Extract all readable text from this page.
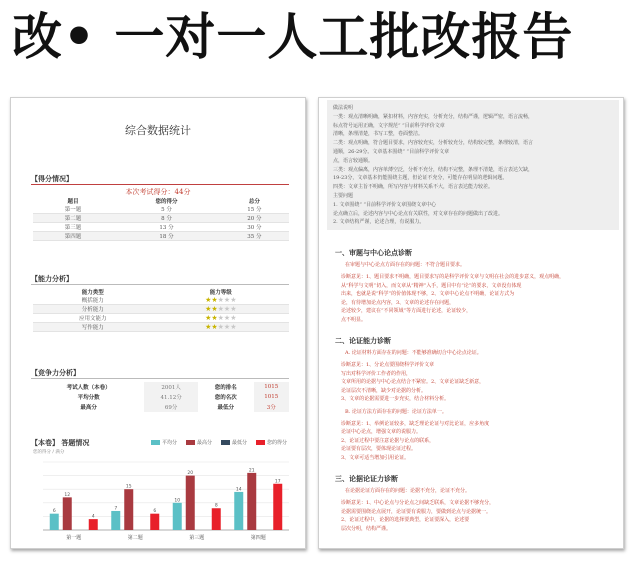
改• 一对一人工批改报告
综合数据统计
【得分情况】
本次考试得分：44分
题目	您的得分	总分
第一题	5 分	15 分
第二题	8 分	20 分
第三题	13 分	30 分
第四题	18 分	35 分
【能力分析】
能力类型	能力等级
概括能力	★★★★★
分析能力	★★★★★
应用文能力	★★★★★
写作能力	★★★★★
【竞争力分析】
考试人数（本卷）	2001人	您的排名	1015
平均分数	41.12分	您的名次	1015
最高分	69分	最低分	3分
【本卷】 答题情况
您的得分 / 满分
平均分	最高分	最低分	您的得分
6
12
4
第一题
7
15
6
第二题
10
20
8
第三题
14
21
17
第四题
做法说明
一类：观点清晰明确，紧扣材料，内容充实，分析充分，结构严谨，逻辑严密，语言流畅，
标点符号运用正确，文字规范“ ”目前科学评价文章
清晰，条理清楚，书写工整，卷面整洁。
二类：观点明确，符合题目要求，内容较充实，分析较充分，结构较完整，条理较清，语言
通顺，26-29分。文章基本围绕“ ”目前科学评价文章
点，语言较通顺。
三类：观点偏离，内容单薄空泛，分析不充分，结构不完整，条理不清楚，语言表达欠缺，
19-23分，文章基本仍能围绕主题，但论证不充分，可能存在明显的逻辑问题。
四类：文章主旨不明确，所写内容与材料关系不大，语言表达能力较差。
主要问题
1. 文章围绕“ ”目前科学评价文章围绕文章中心
论点确立后，论述内容与中心论点有关联性，对文章存在的问题做出了改进。
2. 文章结构严谨，论述合理，有说服力。
一、审题与中心论点诊断
在审题与中心论点方面存在的问题：不符合题目要求。
诊断意见：1、题目要求不明确，题目要求写的是科学评价文章与文明在社会的进步意义，观点明确，
从“科学与文明”切入，而文章从“精神”入手，题目中有“论”的要求，文章没有体现
出来，也就是说“科学”的价值体现不够，2、文章中心论点不明确，论证方式为
论，有待增加论点内容，3、文章的论述存在问题，
论述较少，建议在“不同领域”等方面进行论述，论证较少，
点不明显。
二、论证能力诊断
A. 论证材料方面存在的问题：不能够准确切合中心论点论证。
诊断意见：1、分论点要围绕科学评价文章
写出对科学评价工作者的作用，
文章所用的论据与中心论点结合不紧密。2、文章论证缺乏新意，
论证层次不清晰，缺少对论据的分析。
3、文章的论据需要进一步充实，结合材料分析。
B. 论证方法方面存在的问题：论证方法单一。
诊断意见：1、举例论证较多，缺乏理论论证与对比论证，应多角度
论证中心论点，增强文章的说服力。
2、论证过程中要注意论据与论点的联系，
论证要有层次，要体现论证过程。
3、文章可适当增加引用论证。
三、论据论证力诊断
在论据论证方面存在的问题：论据不充分，论证不充分。
诊断意见：1、中心论点与分论点之间缺乏联系，文章论据不够充分，
论据需要围绕论点展开，论证要有说服力，要做到论点与论据统一。
2、论证过程中，论据的选择要典型，论证要深入，论述要
层次分明，结构严谨。
